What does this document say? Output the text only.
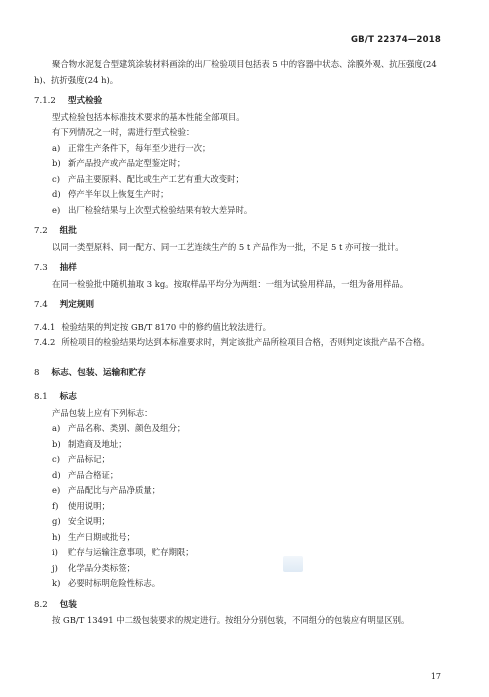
GB/T 22374—2018

聚合物水泥复合型建筑涂装材料画涂的出厂检验项目包括表 5 中的容器中状态、涂膜外观、抗压强度(24 h)、抗折强度(24 h)。

7.1.2 型式检验

型式检验包括本标准技术要求的基本性能全部项目。

有下列情况之一时，需进行型式检验：

a) 正常生产条件下，每年至少进行一次；

b) 新产品投产或产品定型鉴定时；

c) 产品主要原料、配比或生产工艺有重大改变时；

d) 停产半年以上恢复生产时；

e) 出厂检验结果与上次型式检验结果有较大差异时。

7.2 组批

以同一类型原料、同一配方、同一工艺连续生产的 5 t 产品作为一批，不足 5 t 亦可按一批计。

7.3 抽样

在同一检验批中随机抽取 3 kg。按取样品平均分为两组：一组为试验用样品，一组为备用样品。

7.4 判定规则

7.4.1 检验结果的判定按 GB/T 8170 中的修约值比较法进行。

7.4.2 所检项目的检验结果均达到本标准要求时，判定该批产品所检项目合格，否则判定该批产品不合格。

8 标志、包装、运输和贮存

8.1 标志

产品包装上应有下列标志：

a) 产品名称、类别、颜色及组分；

b) 制造商及地址；

c) 产品标记；

d) 产品合格证；

e) 产品配比与产品净质量；

f) 使用说明；

g) 安全说明；

h) 生产日期或批号；

i) 贮存与运输注意事项，贮存期限；

j) 化学品分类标签；

k) 必要时标明危险性标志。

8.2 包装

按 GB/T 13491 中二级包装要求的规定进行。按组分分别包装，不同组分的包装应有明显区别。

17
